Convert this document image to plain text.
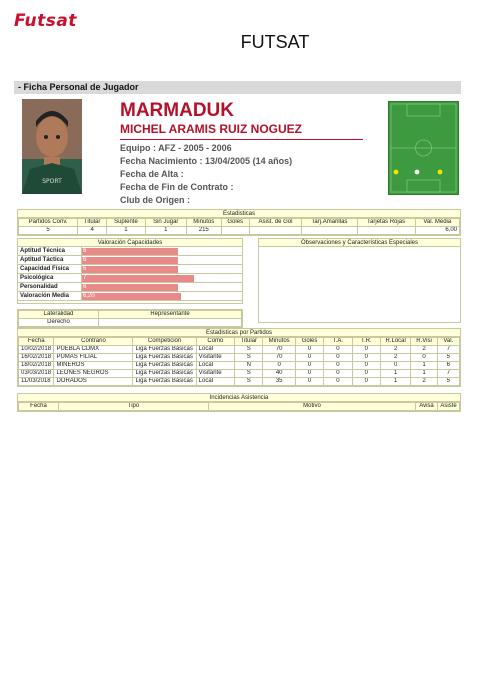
Futsat
FUTSAT
- Ficha Personal de Jugador
SPORT
MARMADUK
MICHEL ARAMIS RUIZ NOGUEZ
Equipo : AFZ - 2005 - 2006
Fecha Nacimiento : 13/04/2005 (14 años)
Fecha de Alta :
Fecha de Fin de Contrato :
Club de Origen :
Estadisticas
Partidos Conv.	Titular	Suplente	Sin Jugar	Minutos	Goles	Asist. de Gol	Tarj.Amarillas	Tarjetas Rojas	Val. Media
5	4	1	1	215					6,00
Valoración Capacidades
Aptitud Técnica	6
Aptitud Táctica	6
Capacidad Física	6
Psicológica	7
Personalidad	6
Valoración Media	6,20
Observaciones y Características Especiales
Lateralidad	Representante
Derecho	
Estadisticas por Partidos
Fecha	Contrario	Competición	Como	Titular	Minutos	Goles	T.A.	T.R.	R.Local	R.Visi	Val.
10/02/2018	PUEBLA CDMX	Liga Fuerzas Básicas	Local	S	70	0	0	0	2	2	7
16/02/2018	PUMAS FILIAL	Liga Fuerzas Básicas	Visitante	S	70	0	0	0	2	0	5
18/02/2018	MINEROS	Liga Fuerzas Básicas	Local	N	0	0	0	0	0	1	6
03/03/2018	LEONES NEGROS	Liga Fuerzas Básicas	Visitante	S	40	0	0	0	1	1	7
11/03/2018	DORADOS	Liga Fuerzas Básicas	Local	S	35	0	0	0	1	2	5
Incidencias Asistencia
Fecha	Tipo	Motivo	Avisa	Asiste
